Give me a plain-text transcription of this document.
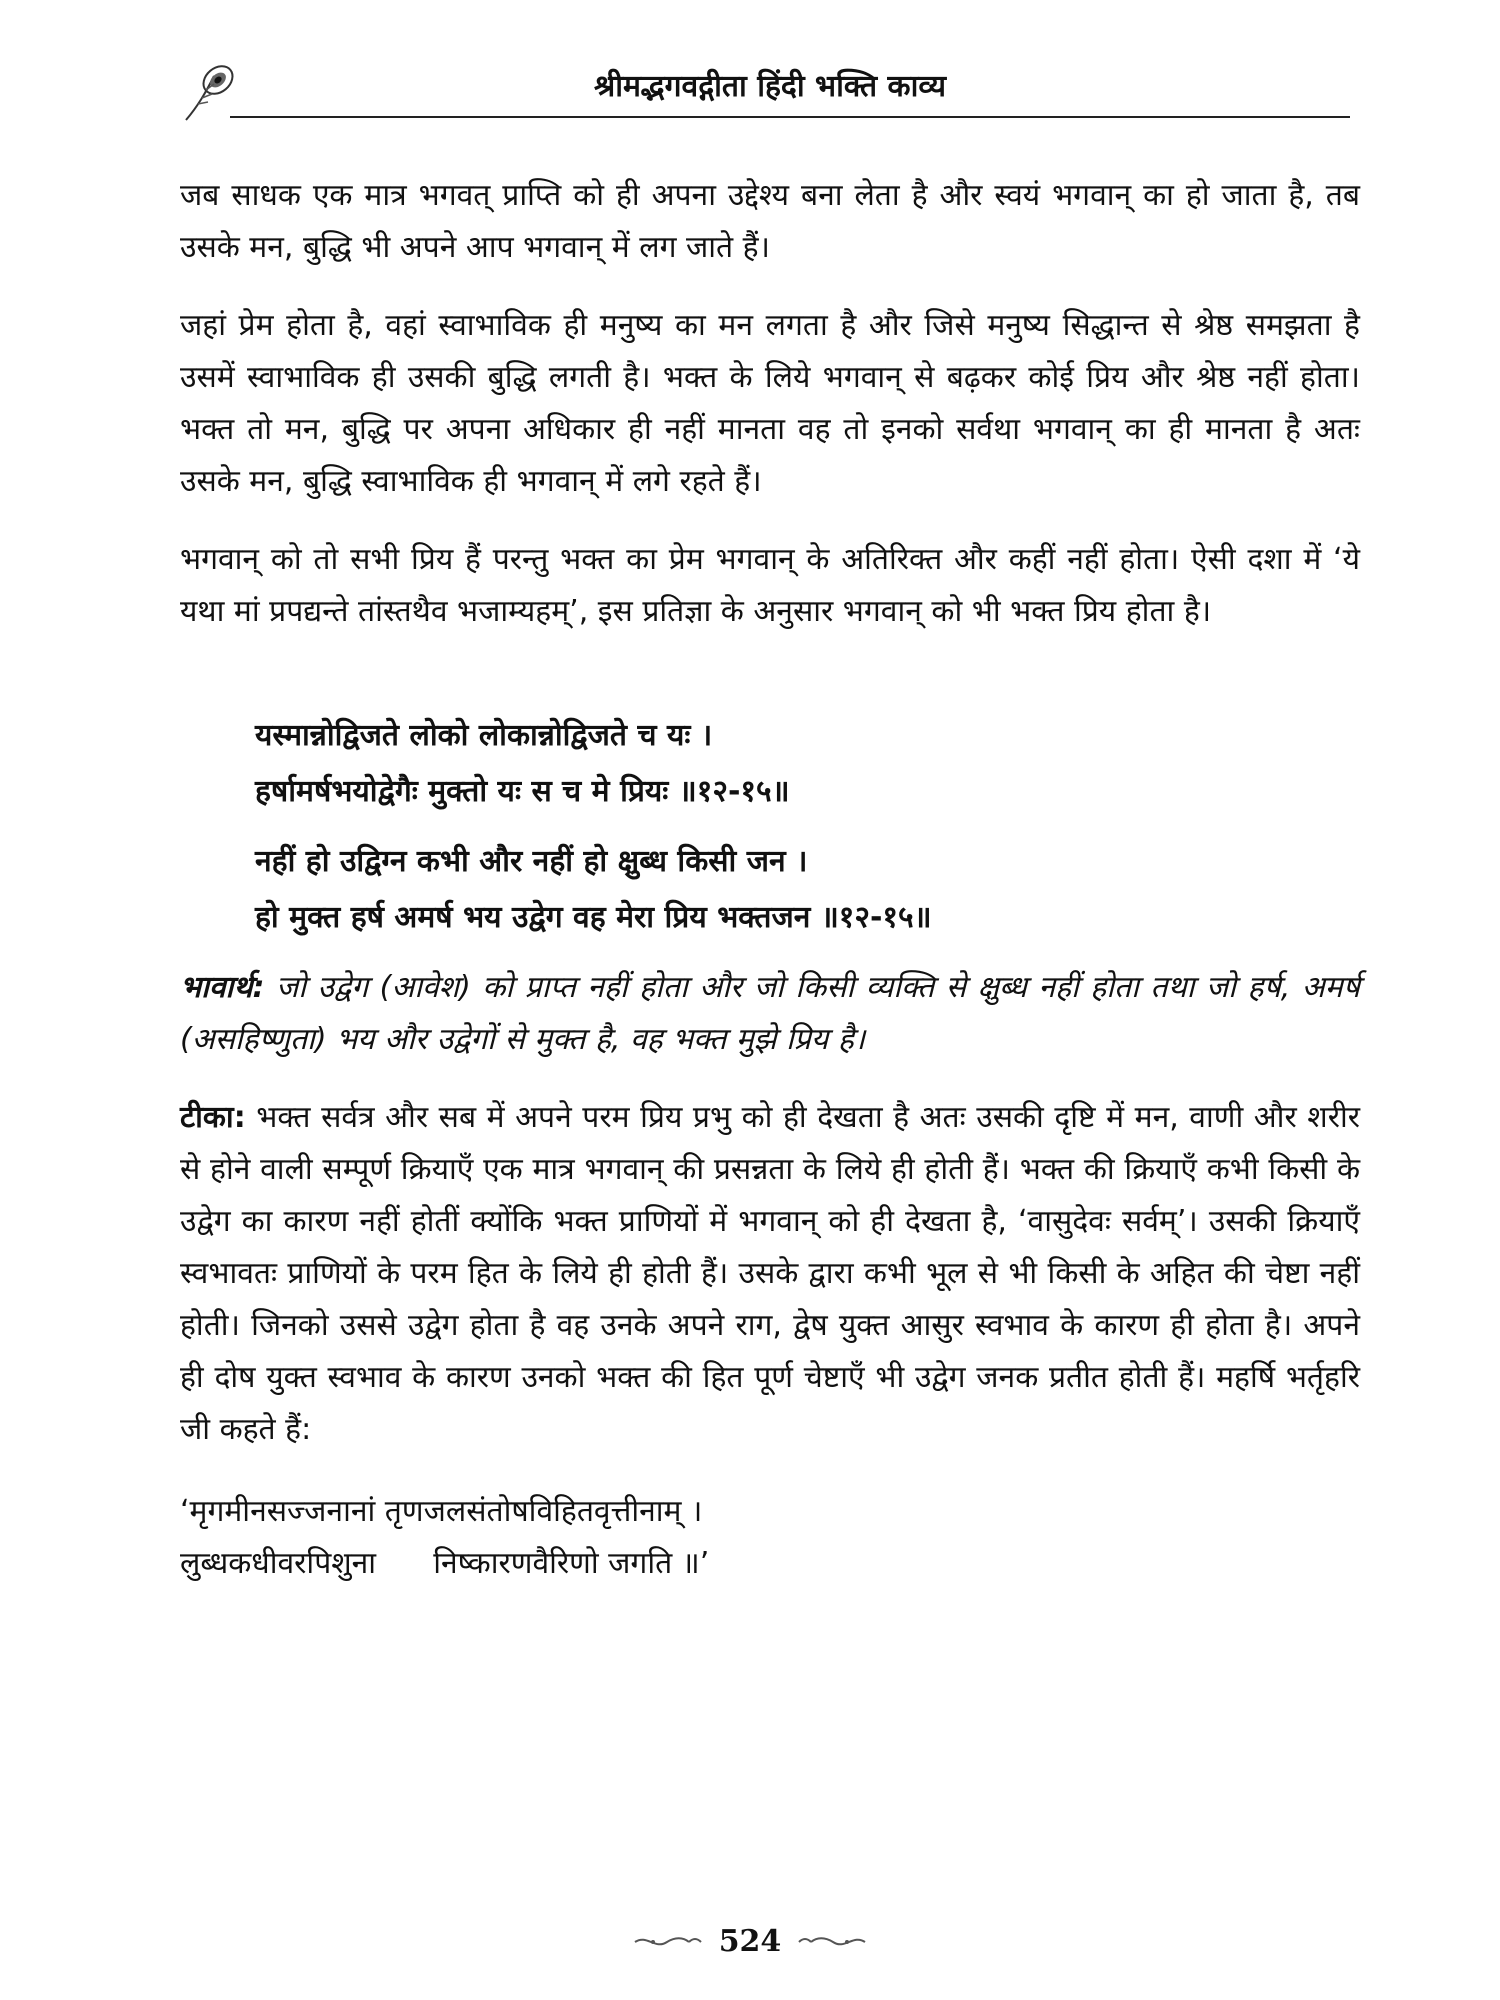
श्रीमद्भगवद्गीता हिंदी भक्ति काव्य

जब साधक एक मात्र भगवत् प्राप्ति को ही अपना उद्देश्य बना लेता है और स्वयं भगवान् का हो जाता है, तब उसके मन, बुद्धि भी अपने आप भगवान् में लग जाते हैं।

जहां प्रेम होता है, वहां स्वाभाविक ही मनुष्य का मन लगता है और जिसे मनुष्य सिद्धान्त से श्रेष्ठ समझता है उसमें स्वाभाविक ही उसकी बुद्धि लगती है। भक्त के लिये भगवान् से बढ़कर कोई प्रिय और श्रेष्ठ नहीं होता। भक्त तो मन, बुद्धि पर अपना अधिकार ही नहीं मानता वह तो इनको सर्वथा भगवान् का ही मानता है अतः उसके मन, बुद्धि स्वाभाविक ही भगवान् में लगे रहते हैं।

भगवान् को तो सभी प्रिय हैं परन्तु भक्त का प्रेम भगवान् के अतिरिक्त और कहीं नहीं होता। ऐसी दशा में ‘ये यथा मां प्रपद्यन्ते तांस्तथैव भजाम्यहम्’, इस प्रतिज्ञा के अनुसार भगवान् को भी भक्त प्रिय होता है।

यस्मान्नोद्विजते लोको लोकान्नोद्विजते च यः ।
हर्षामर्षभयोद्वेगैः मुक्तो यः स च मे प्रियः ॥१२-१५॥
नहीं हो उद्विग्न कभी और नहीं हो क्षुब्ध किसी जन ।
हो मुक्त हर्ष अमर्ष भय उद्वेग वह मेरा प्रिय भक्तजन ॥१२-१५॥

भावार्थ: जो उद्वेग (आवेश) को प्राप्त नहीं होता और जो किसी व्यक्ति से क्षुब्ध नहीं होता तथा जो हर्ष, अमर्ष (असहिष्णुता) भय और उद्वेगों से मुक्त है, वह भक्त मुझे प्रिय है।

टीका: भक्त सर्वत्र और सब में अपने परम प्रिय प्रभु को ही देखता है अतः उसकी दृष्टि में मन, वाणी और शरीर से होने वाली सम्पूर्ण क्रियाएँ एक मात्र भगवान् की प्रसन्नता के लिये ही होती हैं। भक्त की क्रियाएँ कभी किसी के उद्वेग का कारण नहीं होतीं क्योंकि भक्त प्राणियों में भगवान् को ही देखता है, ‘वासुदेवः सर्वम्’। उसकी क्रियाएँ स्वभावतः प्राणियों के परम हित के लिये ही होती हैं। उसके द्वारा कभी भूल से भी किसी के अहित की चेष्टा नहीं होती। जिनको उससे उद्वेग होता है वह उनके अपने राग, द्वेष युक्त आसुर स्वभाव के कारण ही होता है। अपने ही दोष युक्त स्वभाव के कारण उनको भक्त की हित पूर्ण चेष्टाएँ भी उद्वेग जनक प्रतीत होती हैं। महर्षि भर्तृहरि जी कहते हैं:

‘मृगमीनसज्जनानां तृणजलसंतोषविहितवृत्तीनाम् ।
लुब्धकधीवरपिशुना      निष्कारणवैरिणो जगति ॥’
524
